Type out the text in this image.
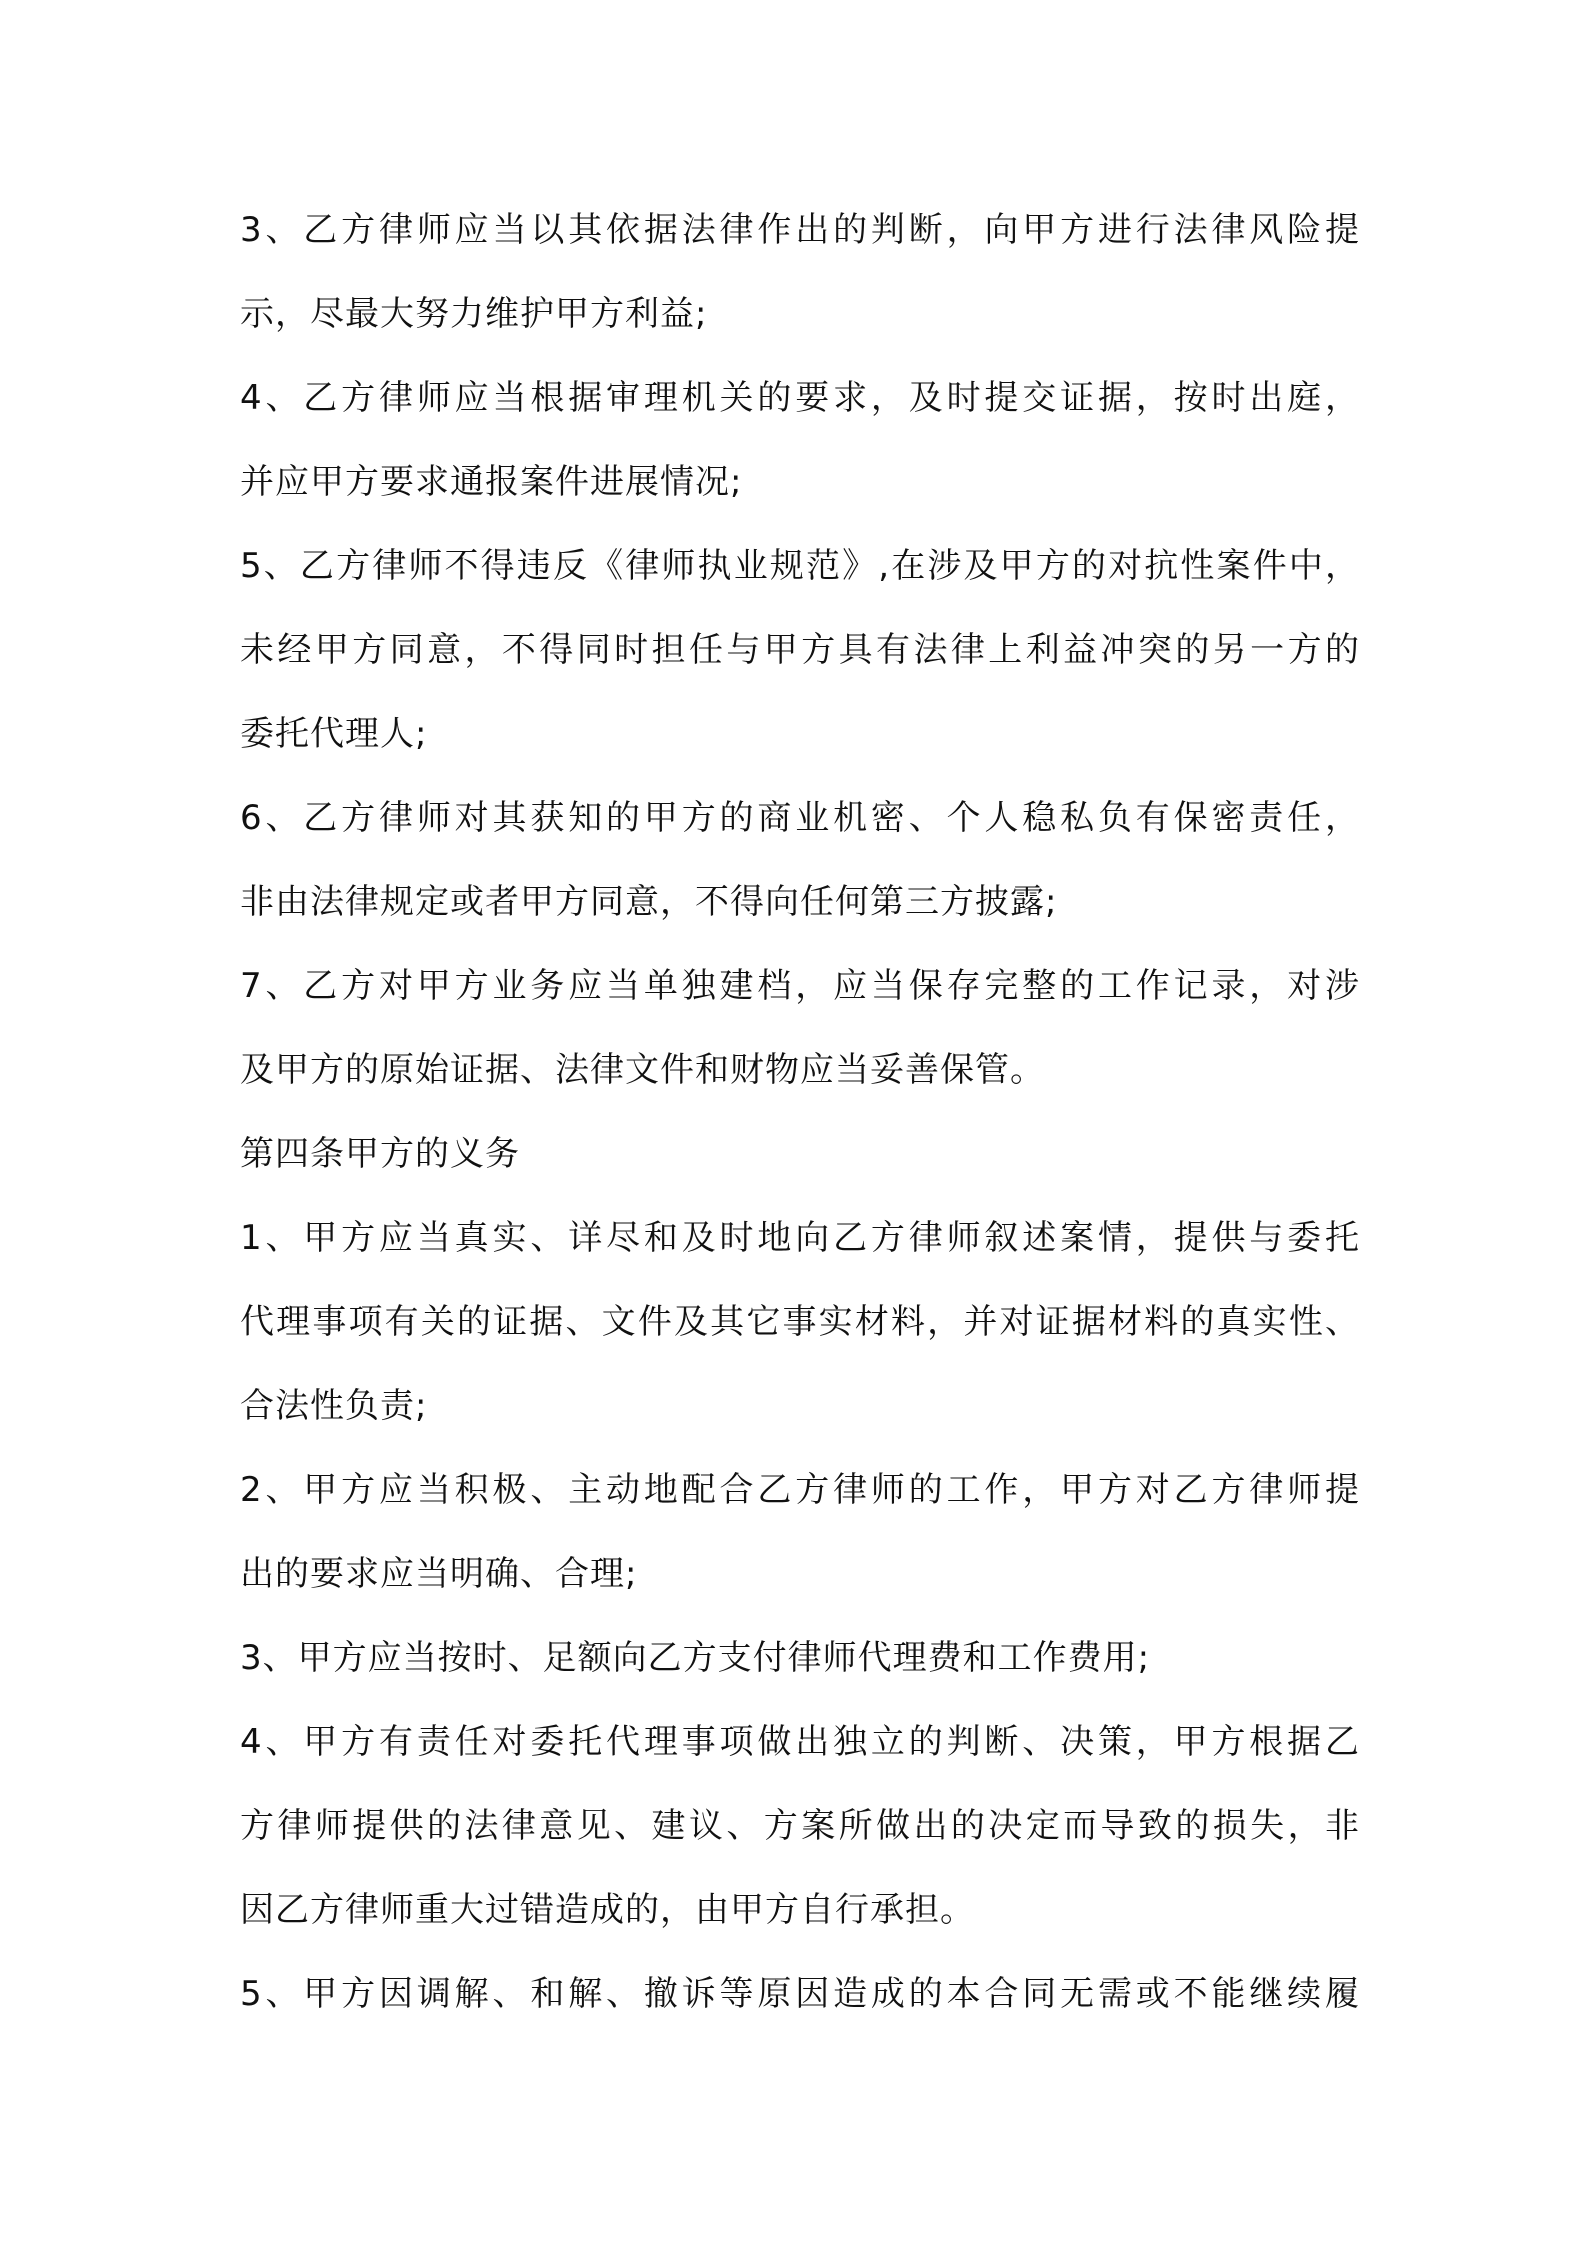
3、乙方律师应当以其依据法律作出的判断，向甲方进行法律风险提
示，尽最大努力维护甲方利益;
4、乙方律师应当根据审理机关的要求，及时提交证据，按时出庭，
并应甲方要求通报案件进展情况;
5、乙方律师不得违反《律师执业规范》,在涉及甲方的对抗性案件中，
未经甲方同意，不得同时担任与甲方具有法律上利益冲突的另一方的
委托代理人;
6、乙方律师对其获知的甲方的商业机密、个人稳私负有保密责任，
非由法律规定或者甲方同意，不得向任何第三方披露;
7、乙方对甲方业务应当单独建档，应当保存完整的工作记录，对涉
及甲方的原始证据、法律文件和财物应当妥善保管。
第四条甲方的义务
1、甲方应当真实、详尽和及时地向乙方律师叙述案情，提供与委托
代理事项有关的证据、文件及其它事实材料，并对证据材料的真实性、
合法性负责;
2、甲方应当积极、主动地配合乙方律师的工作，甲方对乙方律师提
出的要求应当明确、合理;
3、甲方应当按时、足额向乙方支付律师代理费和工作费用;
4、甲方有责任对委托代理事项做出独立的判断、决策，甲方根据乙
方律师提供的法律意见、建议、方案所做出的决定而导致的损失，非
因乙方律师重大过错造成的，由甲方自行承担。
5、甲方因调解、和解、撤诉等原因造成的本合同无需或不能继续履
